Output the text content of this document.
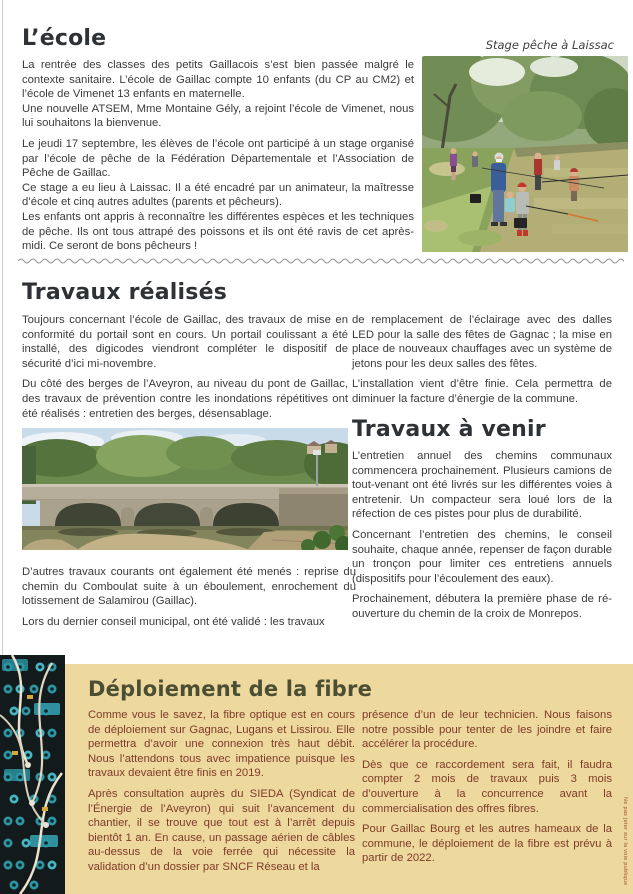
L’école

La rentrée des classes des petits Gaillacois s’est bien passée malgré le contexte sanitaire. L’école de Gaillac compte 10 enfants (du CP au CM2) et l’école de Vimenet 13 enfants en maternelle.

Une nouvelle ATSEM, Mme Montaine Gély, a rejoint l’école de Vimenet, nous lui souhaitons la bienvenue.

Le jeudi 17 septembre, les élèves de l’école ont participé à un stage organisé par l’école de pêche de la Fédération Départementale et l’Association de Pêche de Gaillac.

Ce stage a eu lieu à Laissac. Il a été encadré par un animateur, la maîtresse d’école et cinq autres adultes (parents et pêcheurs).

Les enfants ont appris à reconnaître les différentes espèces et les techniques de pêche. Ils ont tous attrapé des poissons et ils ont été ravis de cet après-midi. Ce seront de bons pêcheurs !

Stage pêche à Laissac
Travaux réalisés

Toujours concernant l’école de Gaillac, des travaux de mise en conformité du portail sont en cours. Un portail coulissant a été installé, des digicodes viendront compléter le dispositif de sécurité d’ici mi-novembre.

Du côté des berges de l’Aveyron, au niveau du pont de Gaillac, des travaux de prévention contre les inondations répétitives ont été réalisés : entretien des berges, désensablage.

D’autres travaux courants ont également été menés : reprise du chemin du Comboulat suite à un éboulement, enrochement du lotissement de Salamirou (Gaillac).

Lors du dernier conseil municipal, ont été validé : les travaux

de remplacement de l’éclairage avec des dalles LED pour la salle des fêtes de Gagnac ; la mise en place de nouveaux chauffages avec un système de jetons pour les deux salles des fêtes.

L’installation vient d’être finie. Cela permettra de diminuer la facture d’énergie de la commune.

Travaux à venir

L’entretien annuel des chemins communaux commencera prochainement. Plusieurs camions de tout-venant ont été livrés sur les différentes voies à entretenir. Un compacteur sera loué lors de la réfection de ces pistes pour plus de durabilité.

Concernant l’entretien des chemins, le conseil souhaite, chaque année, repenser de façon durable un tronçon pour limiter ces entretiens annuels (dispositifs pour l’écoulement des eaux).

Prochainement, débutera la première phase de ré-ouverture du chemin de la croix de Monrepos.

Déploiement de la fibre

Comme vous le savez, la fibre optique est en cours de déploiement sur Gagnac, Lugans et Lissirou. Elle permettra d’avoir une connexion très haut débit. Nous l’attendons tous avec impatience puisque les travaux devaient être finis en 2019.

Après consultation auprès du SIEDA (Syndicat de l’Énergie de l’Aveyron) qui suit l’avancement du chantier, il se trouve que tout est à l’arrêt depuis bientôt 1 an. En cause, un passage aérien de câbles au-dessus de la voie ferrée qui nécessite la validation d’un dossier par SNCF Réseau et la

présence d’un de leur technicien. Nous faisons notre possible pour tenter de les joindre et faire accélérer la procédure.

Dès que ce raccordement sera fait, il faudra compter 2 mois de travaux puis 3 mois d’ouverture à la concurrence avant la commercialisation des offres fibres.

Pour Gaillac Bourg et les autres hameaux de la commune, le déploiement de la fibre est prévu à partir de 2022.	Ne pas jeter sur la voie publique
